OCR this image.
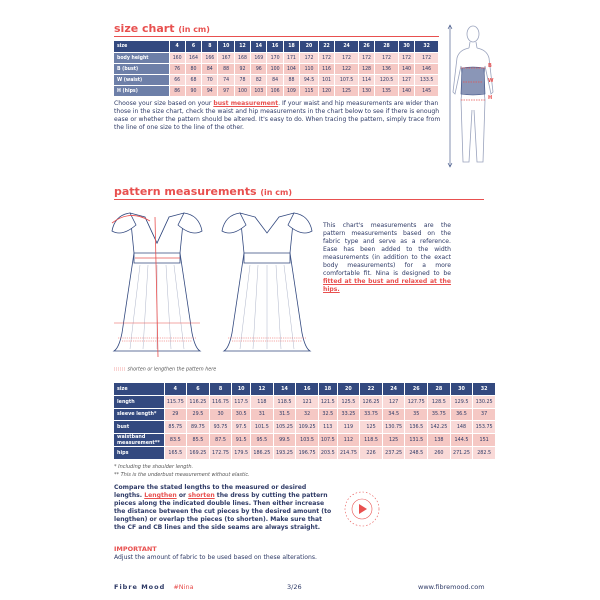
size chart (in cm)
size	4	6	8	10	12	14	16	18	20	22	24	26	28	30	32
body height	160	164	166	167	168	169	170	171	172	172	172	172	172	172	172
B (bust)	76	80	84	88	92	96	100	104	110	116	122	128	136	140	146
W (waist)	66	68	70	74	78	82	84	88	94.5	101	107.5	114	120.5	127	133.5
H (hips)	86	90	94	97	100	103	106	109	115	120	125	130	135	140	145
Choose your size based on your bust measurement. If your waist and hip measurements are wider than those in the size chart, check the waist and hip measurements in the chart below to see if there is enough ease or whether the pattern should be altered. It's easy to do. When tracing the pattern, simply trace from the line of one size to the line of the other.
B
W
H
pattern measurements (in cm)
This chart's measurements are the pattern measurements based on the fabric type and serve as a reference. Ease has been added to the width measurements (in addition to the exact body measurements) for a more comfortable fit. Nina is designed to be fitted at the bust and relaxed at the hips.
shorten or lengthen the pattern here
size	4	6	8	10	12	14	16	18	20	22	24	26	28	30	32
length	115.75	116.25	116.75	117.5	118	118.5	121	121.5	125.5	126.25	127	127.75	128.5	129.5	130.25
sleeve length*	29	29.5	30	30.5	31	31.5	32	32.5	33.25	33.75	34.5	35	35.75	36.5	37
bust	85.75	89.75	93.75	97.5	101.5	105.25	109.25	113	119	125	130.75	136.5	142.25	148	153.75
waistband measurement**	83.5	85.5	87.5	91.5	95.5	99.5	103.5	107.5	112	118.5	125	131.5	138	144.5	151
hips	165.5	169.25	172.75	179.5	186.25	193.25	196.75	203.5	214.75	226	237.25	248.5	260	271.25	282.5
* Including the shoulder length.
** This is the underbust measurement without elastic.
Compare the stated lengths to the measured or desired lengths. Lengthen or shorten the dress by cutting the pattern pieces along the indicated double lines. Then either increase the distance between the cut pieces by the desired amount (to lengthen) or overlap the pieces (to shorten). Make sure that the CF and CB lines and the side seams are always straight.
IMPORTANT
Adjust the amount of fabric to be used based on these alterations.
Fibre Mood #Nina	3/26	www.fibremood.com
